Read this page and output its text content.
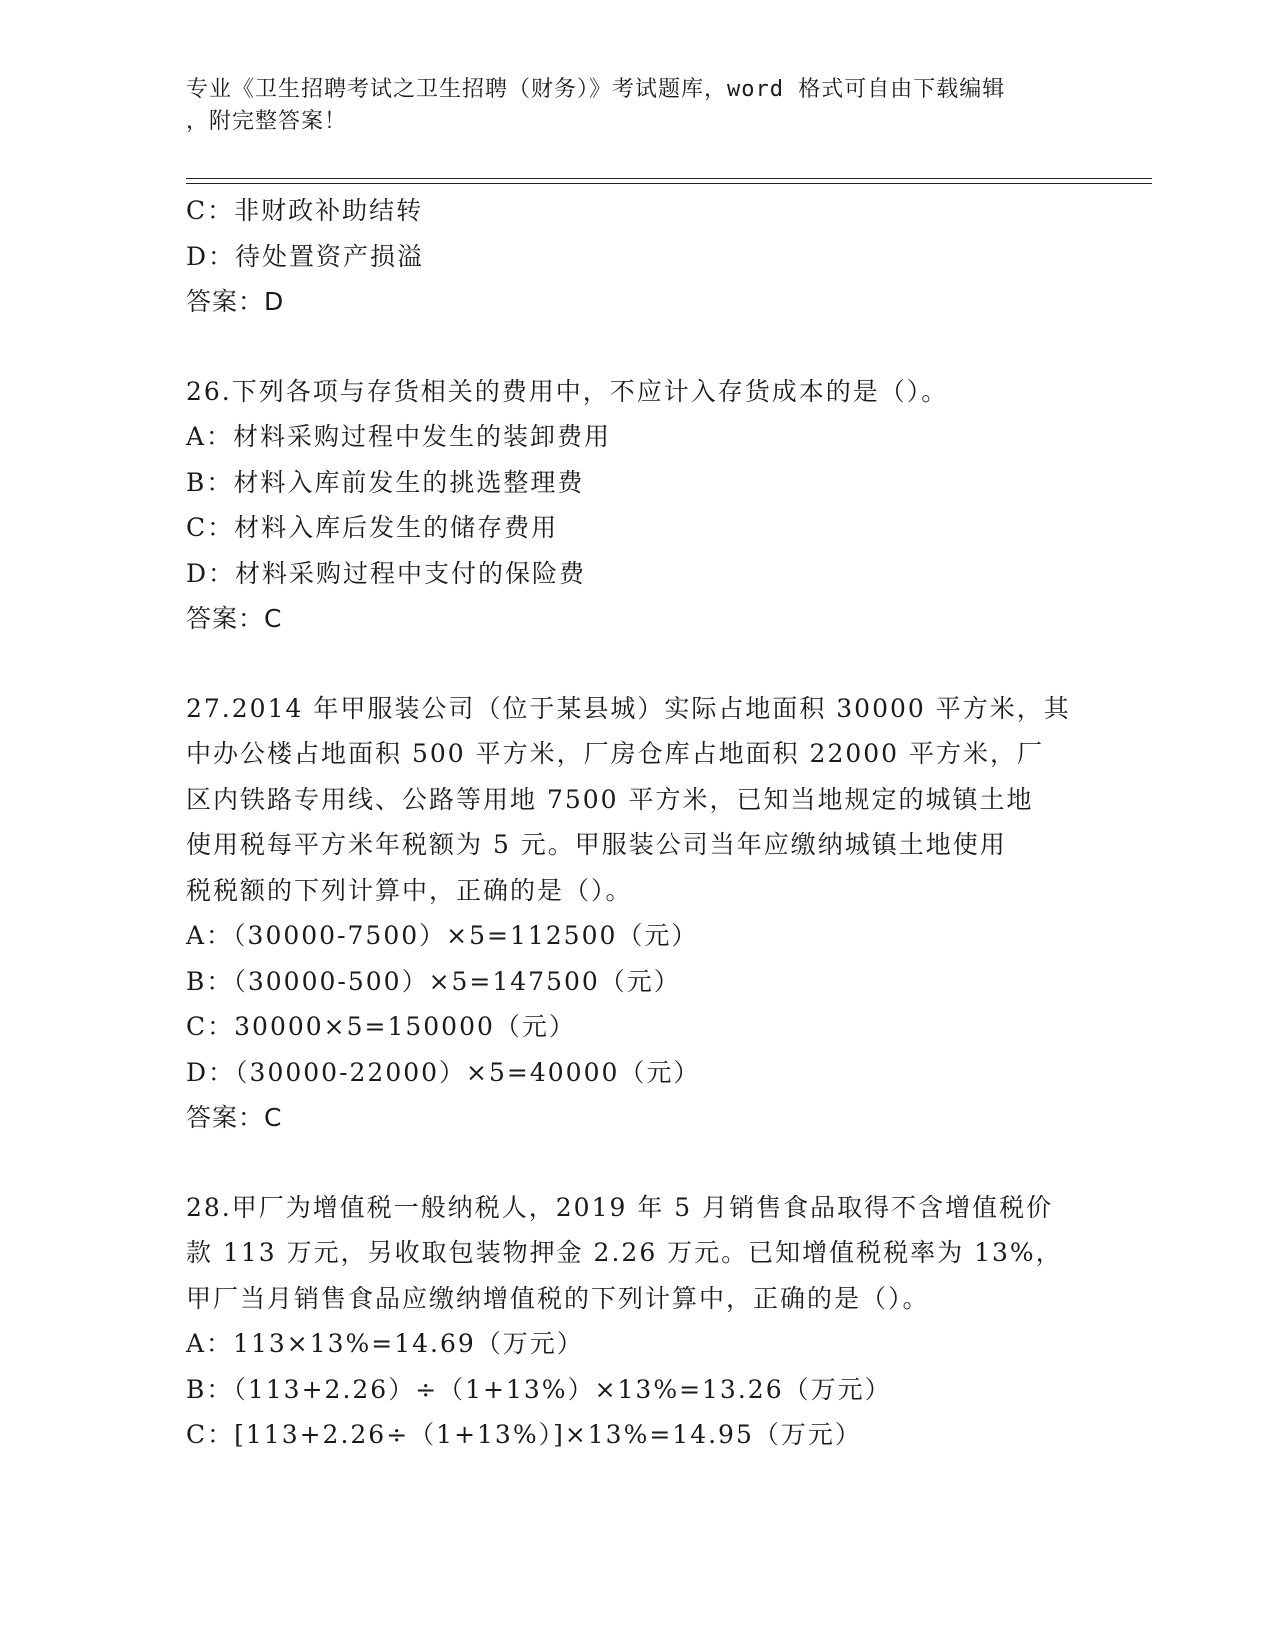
专业《卫生招聘考试之卫生招聘（财务）》考试题库，word 格式可自由下载编辑
，附完整答案！
C：非财政补助结转
D：待处置资产损溢
答案：D
26.下列各项与存货相关的费用中，不应计入存货成本的是（）。
A：材料采购过程中发生的装卸费用
B：材料入库前发生的挑选整理费
C：材料入库后发生的储存费用
D：材料采购过程中支付的保险费
答案：C
27.2014 年甲服装公司（位于某县城）实际占地面积 30000 平方米，其
中办公楼占地面积 500 平方米，厂房仓库占地面积 22000 平方米，厂
区内铁路专用线、公路等用地 7500 平方米，已知当地规定的城镇土地
使用税每平方米年税额为 5 元。甲服装公司当年应缴纳城镇土地使用
税税额的下列计算中，正确的是（）。
A：（30000-7500）×5=112500（元）
B：（30000-500）×5=147500（元）
C：30000×5=150000（元）
D：（30000-22000）×5=40000（元）
答案：C
28.甲厂为增值税一般纳税人，2019 年 5 月销售食品取得不含增值税价
款 113 万元，另收取包装物押金 2.26 万元。已知增值税税率为 13%，
甲厂当月销售食品应缴纳增值税的下列计算中，正确的是（）。
A：113×13%=14.69（万元）
B：（113+2.26）÷（1+13%）×13%=13.26（万元）
C：[113+2.26÷（1+13%）]×13%=14.95（万元）
